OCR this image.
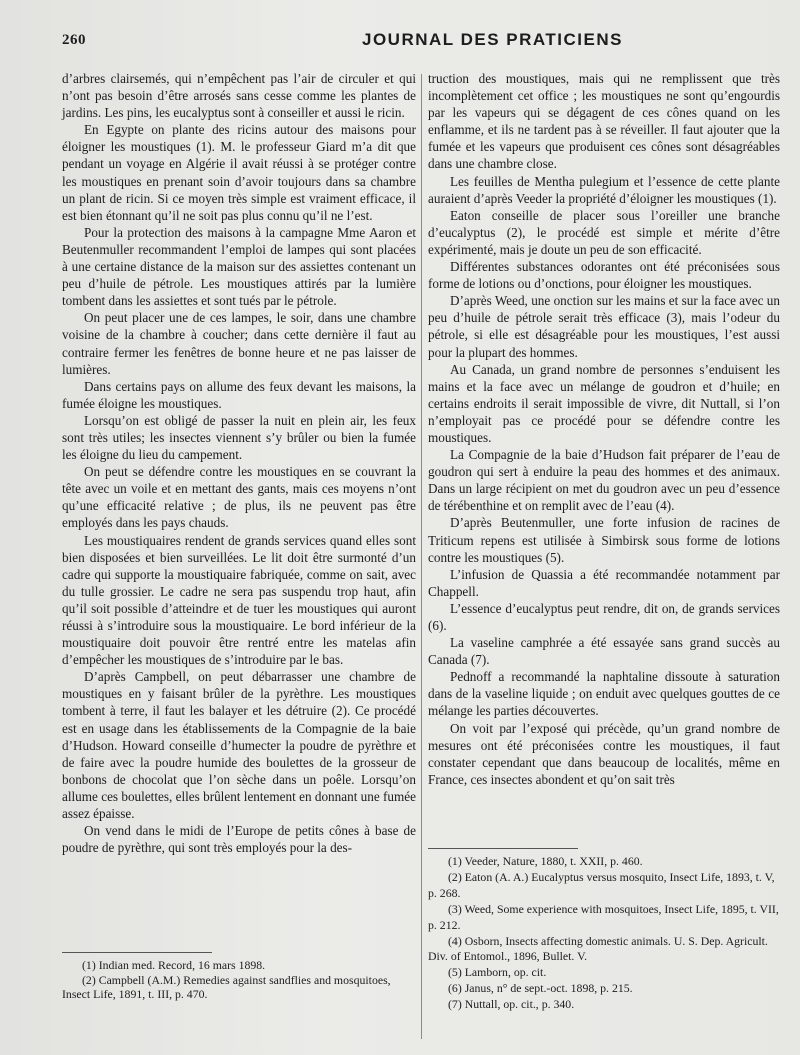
260	JOURNAL DES PRATICIENS

d’arbres clairsemés, qui n’empêchent pas l’air de circuler et qui n’ont pas besoin d’être arrosés sans cesse comme les plantes de jardins. Les pins, les eucalyptus sont à conseiller et aussi le ricin.

En Egypte on plante des ricins autour des maisons pour éloigner les moustiques (1). M. le professeur Giard m’a dit que pendant un voyage en Algérie il avait réussi à se protéger contre les moustiques en prenant soin d’avoir toujours dans sa chambre un plant de ricin. Si ce moyen très simple est vraiment efficace, il est bien étonnant qu’il ne soit pas plus connu qu’il ne l’est.

Pour la protection des maisons à la campagne Mme Aaron et Beutenmuller recommandent l’emploi de lampes qui sont placées à une certaine distance de la maison sur des assiettes contenant un peu d’huile de pétrole. Les moustiques attirés par la lumière tombent dans les assiettes et sont tués par le pétrole.

On peut placer une de ces lampes, le soir, dans une chambre voisine de la chambre à coucher; dans cette dernière il faut au contraire fermer les fenêtres de bonne heure et ne pas laisser de lumières.

Dans certains pays on allume des feux devant les maisons, la fumée éloigne les moustiques.

Lorsqu’on est obligé de passer la nuit en plein air, les feux sont très utiles; les insectes viennent s’y brûler ou bien la fumée les éloigne du lieu du campement.

On peut se défendre contre les moustiques en se couvrant la tête avec un voile et en mettant des gants, mais ces moyens n’ont qu’une efficacité relative ; de plus, ils ne peuvent pas être employés dans les pays chauds.

Les moustiquaires rendent de grands services quand elles sont bien disposées et bien surveillées. Le lit doit être surmonté d’un cadre qui supporte la moustiquaire fabriquée, comme on sait, avec du tulle grossier. Le cadre ne sera pas suspendu trop haut, afin qu’il soit possible d’atteindre et de tuer les moustiques qui auront réussi à s’introduire sous la moustiquaire. Le bord inférieur de la moustiquaire doit pouvoir être rentré entre les matelas afin d’empêcher les moustiques de s’introduire par le bas.

D’après Campbell, on peut débarrasser une chambre de moustiques en y faisant brûler de la pyrèthre. Les moustiques tombent à terre, il faut les balayer et les détruire (2). Ce procédé est en usage dans les établissements de la Compagnie de la baie d’Hudson. Howard conseille d’humecter la poudre de pyrèthre et de faire avec la poudre humide des boulettes de la grosseur de bonbons de chocolat que l’on sèche dans un poêle. Lorsqu’on allume ces boulettes, elles brûlent lentement en donnant une fumée assez épaisse.

On vend dans le midi de l’Europe de petits cônes à base de poudre de pyrèthre, qui sont très employés pour la des-

truction des moustiques, mais qui ne remplissent que très incomplètement cet office ; les moustiques ne sont qu’engourdis par les vapeurs qui se dégagent de ces cônes quand on les enflamme, et ils ne tardent pas à se réveiller. Il faut ajouter que la fumée et les vapeurs que produisent ces cônes sont désagréables dans une chambre close.

Les feuilles de Mentha pulegium et l’essence de cette plante auraient d’après Veeder la propriété d’éloigner les moustiques (1).

Eaton conseille de placer sous l’oreiller une branche d’eucalyptus (2), le procédé est simple et mérite d’être expérimenté, mais je doute un peu de son efficacité.

Différentes substances odorantes ont été préconisées sous forme de lotions ou d’onctions, pour éloigner les moustiques.

D’après Weed, une onction sur les mains et sur la face avec un peu d’huile de pétrole serait très efficace (3), mais l’odeur du pétrole, si elle est désagréable pour les moustiques, l’est aussi pour la plupart des hommes.

Au Canada, un grand nombre de personnes s’enduisent les mains et la face avec un mélange de goudron et d’huile; en certains endroits il serait impossible de vivre, dit Nuttall, si l’on n’employait pas ce procédé pour se défendre contre les moustiques.

La Compagnie de la baie d’Hudson fait préparer de l’eau de goudron qui sert à enduire la peau des hommes et des animaux. Dans un large récipient on met du goudron avec un peu d’essence de térébenthine et on remplit avec de l’eau (4).

D’après Beutenmuller, une forte infusion de racines de Triticum repens est utilisée à Simbirsk sous forme de lotions contre les moustiques (5).

L’infusion de Quassia a été recommandée notamment par Chappell.

L’essence d’eucalyptus peut rendre, dit on, de grands services (6).

La vaseline camphrée a été essayée sans grand succès au Canada (7).

Pednoff a recommandé la naphtaline dissoute à saturation dans de la vaseline liquide ; on enduit avec quelques gouttes de ce mélange les parties découvertes.

On voit par l’exposé qui précède, qu’un grand nombre de mesures ont été préconisées contre les moustiques, il faut constater cependant que dans beaucoup de localités, même en France, ces insectes abondent et qu’on sait très

(1) Veeder, Nature, 1880, t. XXII, p. 460.

(2) Eaton (A. A.) Eucalyptus versus mosquito, Insect Life, 1893, t. V, p. 268.

(3) Weed, Some experience with mosquitoes, Insect Life, 1895, t. VII, p. 212.

(4) Osborn, Insects affecting domestic animals. U. S. Dep. Agricult. Div. of Entomol., 1896, Bullet. V.

(5) Lamborn, op. cit.

(6) Janus, n° de sept.-oct. 1898, p. 215.

(7) Nuttall, op. cit., p. 340.

(1) Indian med. Record, 16 mars 1898.

(2) Campbell (A.M.) Remedies against sandflies and mosquitoes, Insect Life, 1891, t. III, p. 470.
